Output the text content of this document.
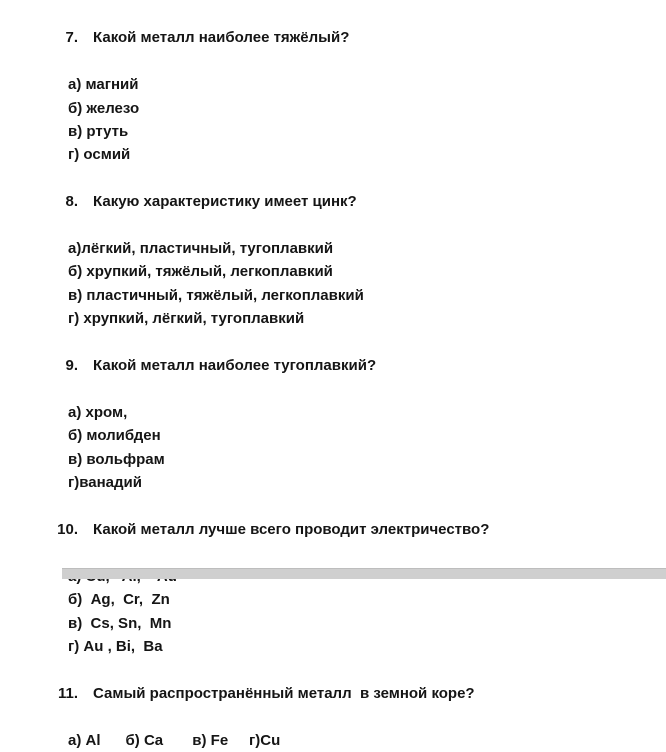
7. Какой металл наиболее тяжёлый?

а) магний
б) железо
в) ртуть
г) осмий

8. Какую характеристику имеет цинк?

а)лёгкий, пластичный, тугоплавкий
б) хрупкий, тяжёлый, легкоплавкий
в) пластичный, тяжёлый, легкоплавкий
г) хрупкий, лёгкий, тугоплавкий

9. Какой металл наиболее тугоплавкий?

а) хром,
б) молибден
в) вольфрам
г)ванадий

10. Какой металл лучше всего проводит электричество?

б)  Ag,  Cr,  Zn
в)  Cs, Sn,  Mn
г) Au , Bi,  Ba

11. Самый распространённый металл  в земной коре?

а) Al      б) Ca       в) Fe     г)Cu
